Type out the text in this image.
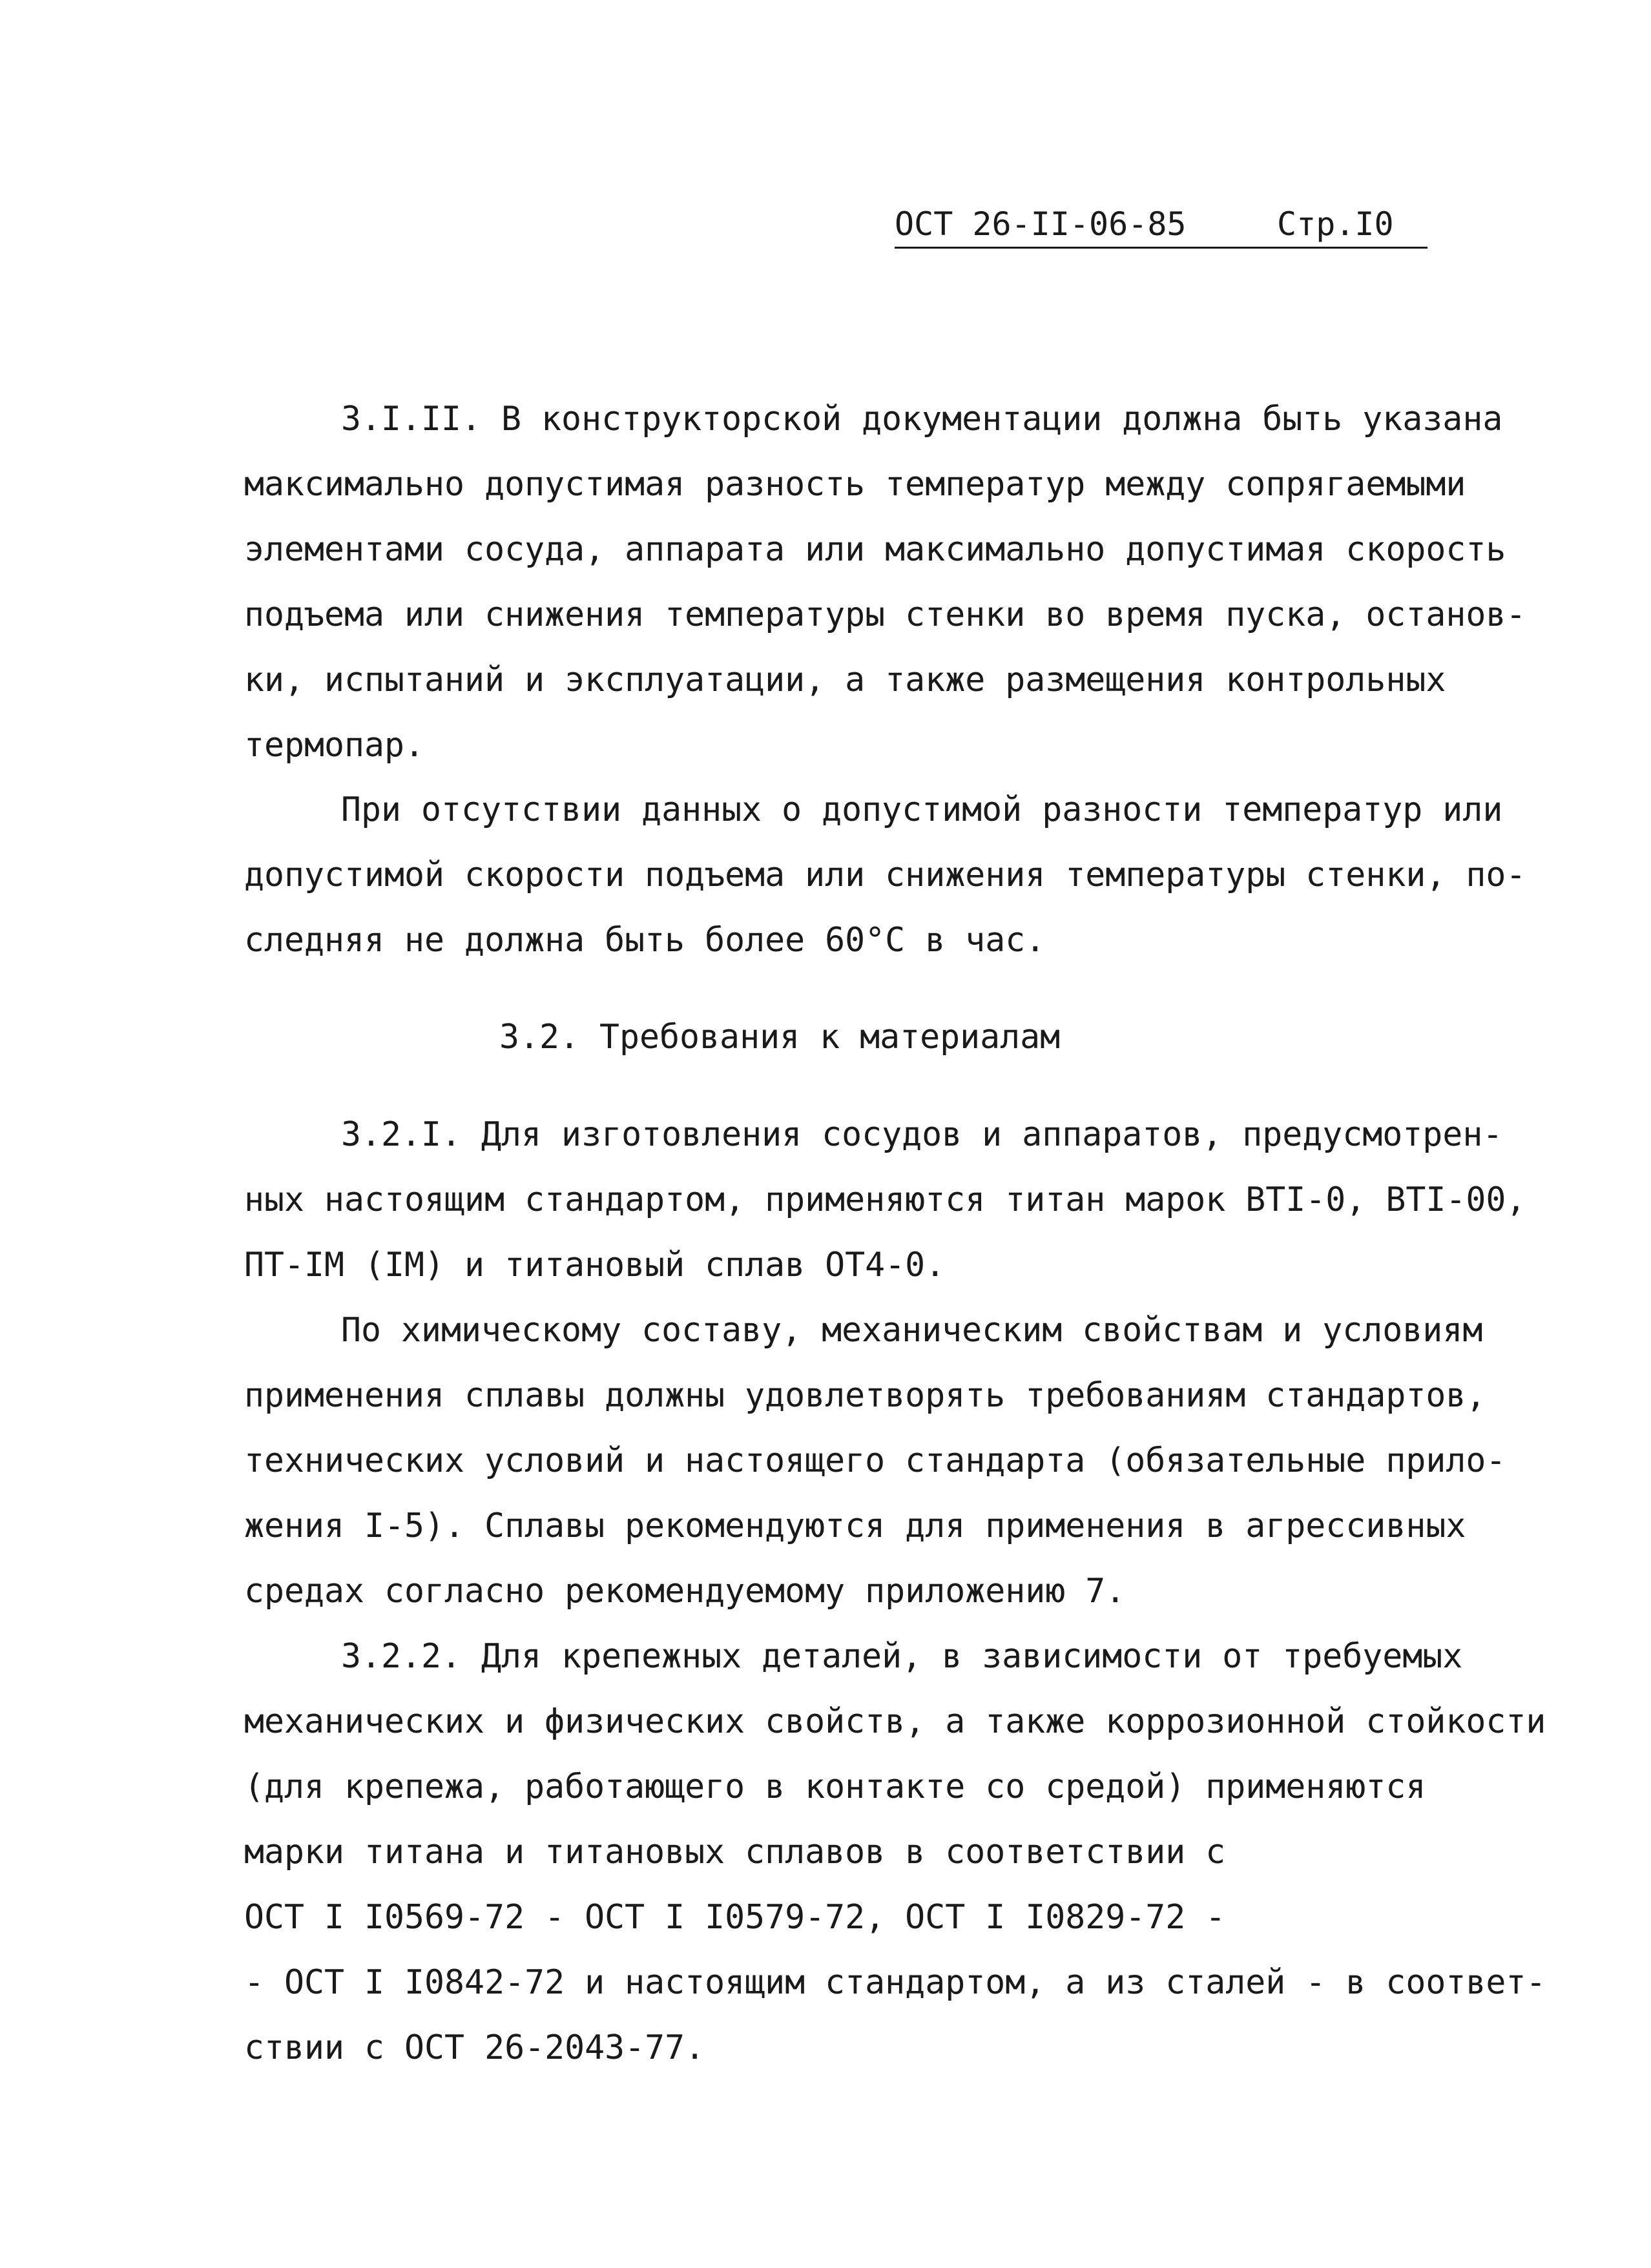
ОСТ 26-II-06-85

	Стр.I0

3.I.II. В конструкторской документации должна быть указана
максимально допустимая разность температур между сопрягаемыми
элементами сосуда, аппарата или максимально допустимая скорость
подъема или снижения температуры стенки во время пуска, останов-
ки, испытаний и эксплуатации, а также размещения контрольных
термопар.
При отсутствии данных о допустимой разности температур или
допустимой скорости подъема или снижения температуры стенки, по-
следняя не должна быть более 60°С в час.
3.2. Требования к материалам
3.2.I. Для изготовления сосудов и аппаратов, предусмотрен-
ных настоящим стандартом, применяются титан марок ВТI-0, ВТI-00,
ПТ-IМ (IМ) и титановый сплав ОТ4-0.
По химическому составу, механическим свойствам и условиям
применения сплавы должны удовлетворять требованиям стандартов,
технических условий и настоящего стандарта (обязательные прило-
жения I-5). Сплавы рекомендуются для применения в агрессивных
средах согласно рекомендуемому приложению 7.
3.2.2. Для крепежных деталей, в зависимости от требуемых
механических и физических свойств, а также коррозионной стойкости
(для крепежа, работающего в контакте со средой) применяются
марки титана и титановых сплавов в соответствии с
ОСТ I I0569-72 - ОСТ I I0579-72, ОСТ I I0829-72 -
- ОСТ I I0842-72 и настоящим стандартом, а из сталей - в соответ-
ствии с ОСТ 26-2043-77.
